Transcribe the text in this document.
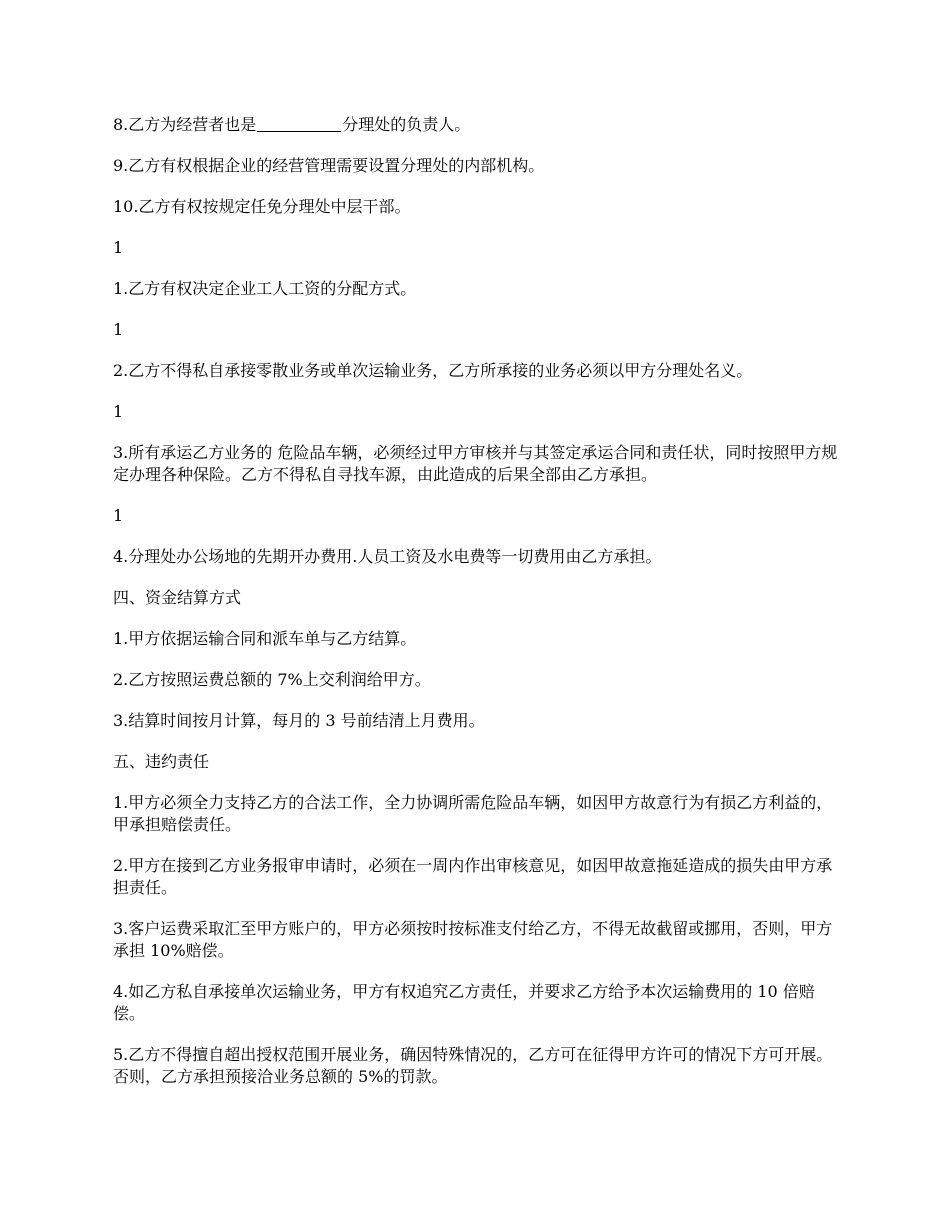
8.乙方为经营者也是	分理处的负责人。

9.乙方有权根据企业的经营管理需要设置分理处的内部机构。

10.乙方有权按规定任免分理处中层干部。

1

1.乙方有权决定企业工人工资的分配方式。

1

2.乙方不得私自承接零散业务或单次运输业务，乙方所承接的业务必须以甲方分理处名义。

1

3.所有承运乙方业务的 危险品车辆，必须经过甲方审核并与其签定承运合同和责任状，同时按照甲方规定办理各种保险。乙方不得私自寻找车源，由此造成的后果全部由乙方承担。

1

4.分理处办公场地的先期开办费用.人员工资及水电费等一切费用由乙方承担。

四、资金结算方式

1.甲方依据运输合同和派车单与乙方结算。

2.乙方按照运费总额的 7%上交利润给甲方。

3.结算时间按月计算，每月的 3 号前结清上月费用。

五、违约责任

1.甲方必须全力支持乙方的合法工作，全力协调所需危险品车辆，如因甲方故意行为有损乙方利益的，甲承担赔偿责任。

2.甲方在接到乙方业务报审申请时，必须在一周内作出审核意见，如因甲故意拖延造成的损失由甲方承担责任。

3.客户运费采取汇至甲方账户的，甲方必须按时按标准支付给乙方，不得无故截留或挪用，否则，甲方承担 10%赔偿。

4.如乙方私自承接单次运输业务，甲方有权追究乙方责任，并要求乙方给予本次运输费用的 10 倍赔偿。

5.乙方不得擅自超出授权范围开展业务，确因特殊情况的，乙方可在征得甲方许可的情况下方可开展。否则，乙方承担预接洽业务总额的 5%的罚款。
